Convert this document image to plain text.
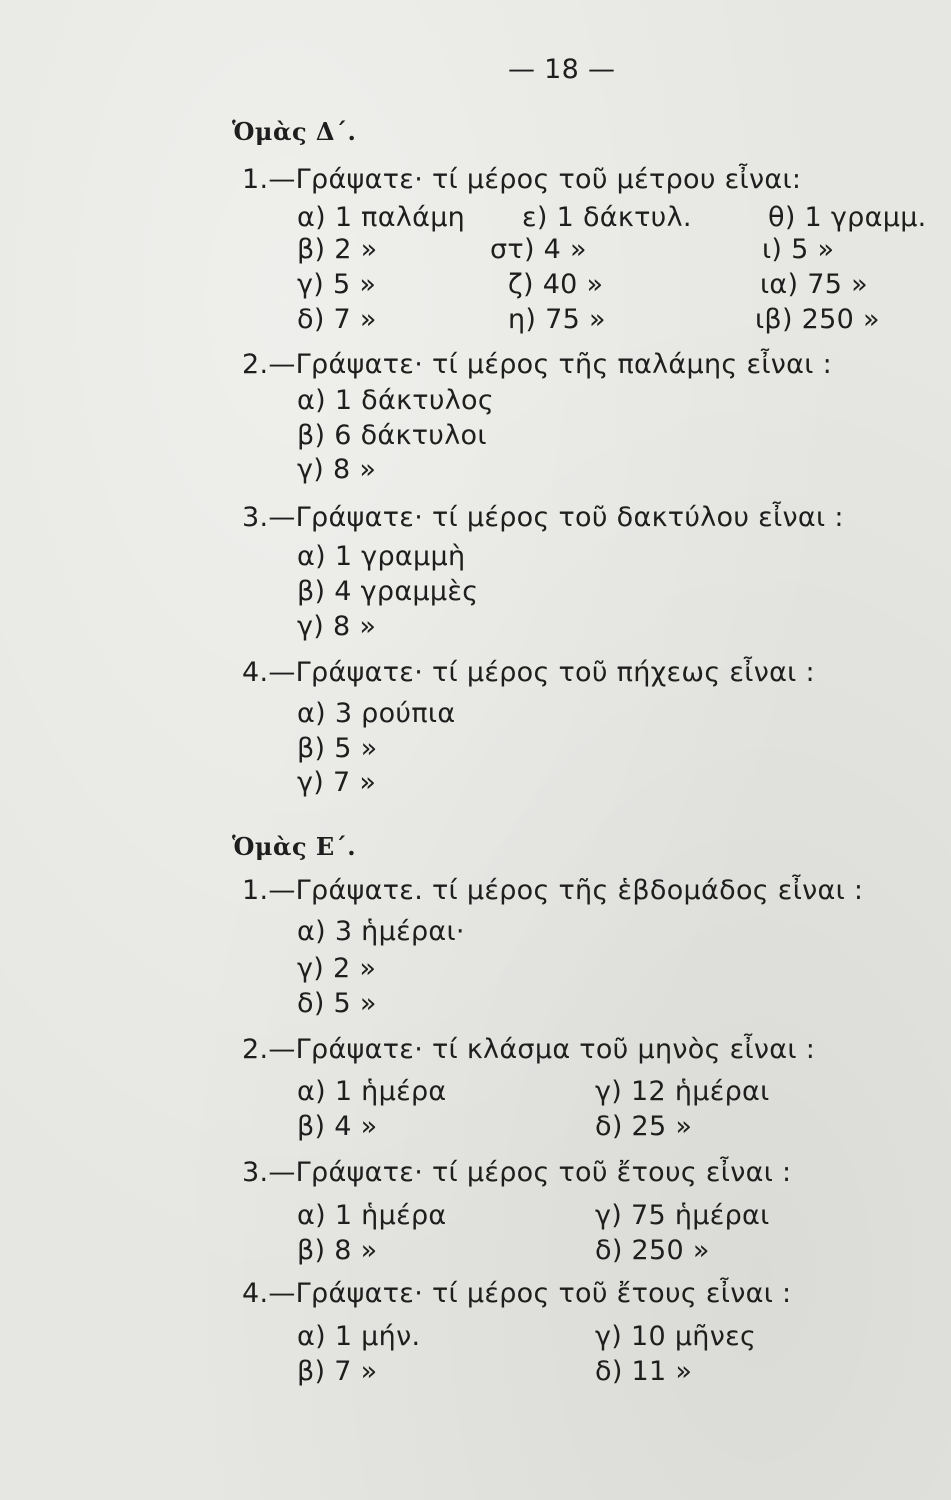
— 18 —
Ὁμὰς Δ΄.
1.—Γράψατε· τί μέρος τοῦ μέτρου εἶναι:
α) 1 παλάμη ε) 1 δάκτυλ.	θ) 1 γραμμ.
β) 2 »	στ) 4 »	ι) 5 »
γ) 5 »	ζ) 40 »	ια) 75 »
δ) 7 »	η) 75 »	ιβ) 250 »
2.—Γράψατε· τί μέρος τῆς παλάμης εἶναι :
α) 1 δάκτυλος
β) 6 δάκτυλοι
γ) 8 »
3.—Γράψατε· τί μέρος τοῦ δακτύλου εἶναι :
α) 1 γραμμὴ
β) 4 γραμμὲς
γ) 8 »
4.—Γράψατε· τί μέρος τοῦ πήχεως εἶναι :
α) 3 ρούπια
β) 5 »
γ) 7 »
Ὁμὰς Ε΄.
1.—Γράψατε. τί μέρος τῆς ἑβδομάδος εἶναι :
α) 3 ἡμέραι·
γ) 2 »
δ) 5 »
2.—Γράψατε· τί κλάσμα τοῦ μηνὸς εἶναι :
α) 1 ἡμέρα	γ) 12 ἡμέραι
β) 4 »	δ) 25 »
3.—Γράψατε· τί μέρος τοῦ ἔτους εἶναι :
α) 1 ἡμέρα	γ) 75 ἡμέραι
β) 8 »	δ) 250 »
4.—Γράψατε· τί μέρος τοῦ ἔτους εἶναι :
α) 1 μήν.	γ) 10 μῆνες
β) 7 »	δ) 11 »
